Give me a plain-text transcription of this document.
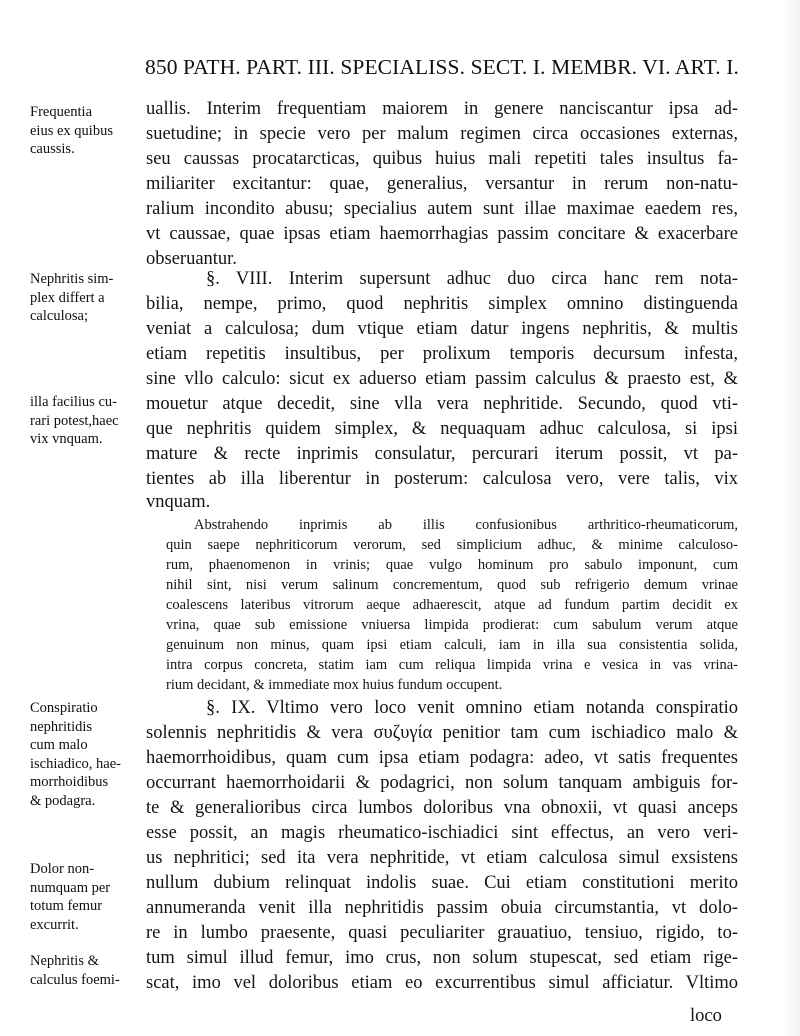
850 PATH. PART. III. SPECIALISS. SECT. I. MEMBR. VI. ART. I.
Frequentia
eius ex quibus
caussis.
Nephritis sim-
plex differt a
calculosa;
illa facilius cu-
rari potest,haec
vix vnquam.
Conspiratio
nephritidis
cum malo
ischiadico, hae-
morrhoidibus
& podagra.
Dolor non-
numquam per
totum femur
excurrit.
Nephritis &
calculus foemi-
uallis. Interim frequentiam maiorem in genere nanciscantur ipsa ad-
suetudine; in specie vero per malum regimen circa occasiones externas,
seu caussas procatarcticas, quibus huius mali repetiti tales insultus fa-
miliariter excitantur: quae, generalius, versantur in rerum non-natu-
ralium incondito abusu; specialius autem sunt illae maximae eaedem res,
vt caussae, quae ipsas etiam haemorrhagias passim concitare & exacerbare
obseruantur.
§. VIII. Interim supersunt adhuc duo circa hanc rem nota-
bilia, nempe, primo, quod nephritis simplex omnino distinguenda
veniat a calculosa; dum vtique etiam datur ingens nephritis, & multis
etiam repetitis insultibus, per prolixum temporis decursum infesta,
sine vllo calculo: sicut ex aduerso etiam passim calculus & praesto est, &
mouetur atque decedit, sine vlla vera nephritide. Secundo, quod vti-
que nephritis quidem simplex, & nequaquam adhuc calculosa, si ipsi
mature & recte inprimis consulatur, percurari iterum possit, vt pa-
tientes ab illa liberentur in posterum: calculosa vero, vere talis, vix
vnquam.
Abstrahendo inprimis ab illis confusionibus arthritico-rheumaticorum,
quin saepe nephriticorum verorum, sed simplicium adhuc, & minime calculoso-
rum, phaenomenon in vrinis; quae vulgo hominum pro sabulo imponunt, cum
nihil sint, nisi verum salinum concrementum, quod sub refrigerio demum vrinae
coalescens lateribus vitrorum aeque adhaerescit, atque ad fundum partim decidit ex
vrina, quae sub emissione vniuersa limpida prodierat: cum sabulum verum atque
genuinum non minus, quam ipsi etiam calculi, iam in illa sua consistentia solida,
intra corpus concreta, statim iam cum reliqua limpida vrina e vesica in vas vrina-
rium decidant, & immediate mox huius fundum occupent.
§. IX. Vltimo vero loco venit omnino etiam notanda conspiratio
solennis nephritidis & vera συζυγία penitior tam cum ischiadico malo &
haemorrhoidibus, quam cum ipsa etiam podagra: adeo, vt satis frequentes
occurrant haemorrhoidarii & podagrici, non solum tanquam ambiguis for-
te & generalioribus circa lumbos doloribus vna obnoxii, vt quasi anceps
esse possit, an magis rheumatico-ischiadici sint effectus, an vero veri-
us nephritici; sed ita vera nephritide, vt etiam calculosa simul exsistens
nullum dubium relinquat indolis suae. Cui etiam constitutioni merito
annumeranda venit illa nephritidis passim obuia circumstantia, vt dolo-
re in lumbo praesente, quasi peculiariter grauatiuo, tensiuo, rigido, to-
tum simul illud femur, imo crus, non solum stupescat, sed etiam rige-
scat, imo vel doloribus etiam eo excurrentibus simul afficiatur. Vltimo
loco
